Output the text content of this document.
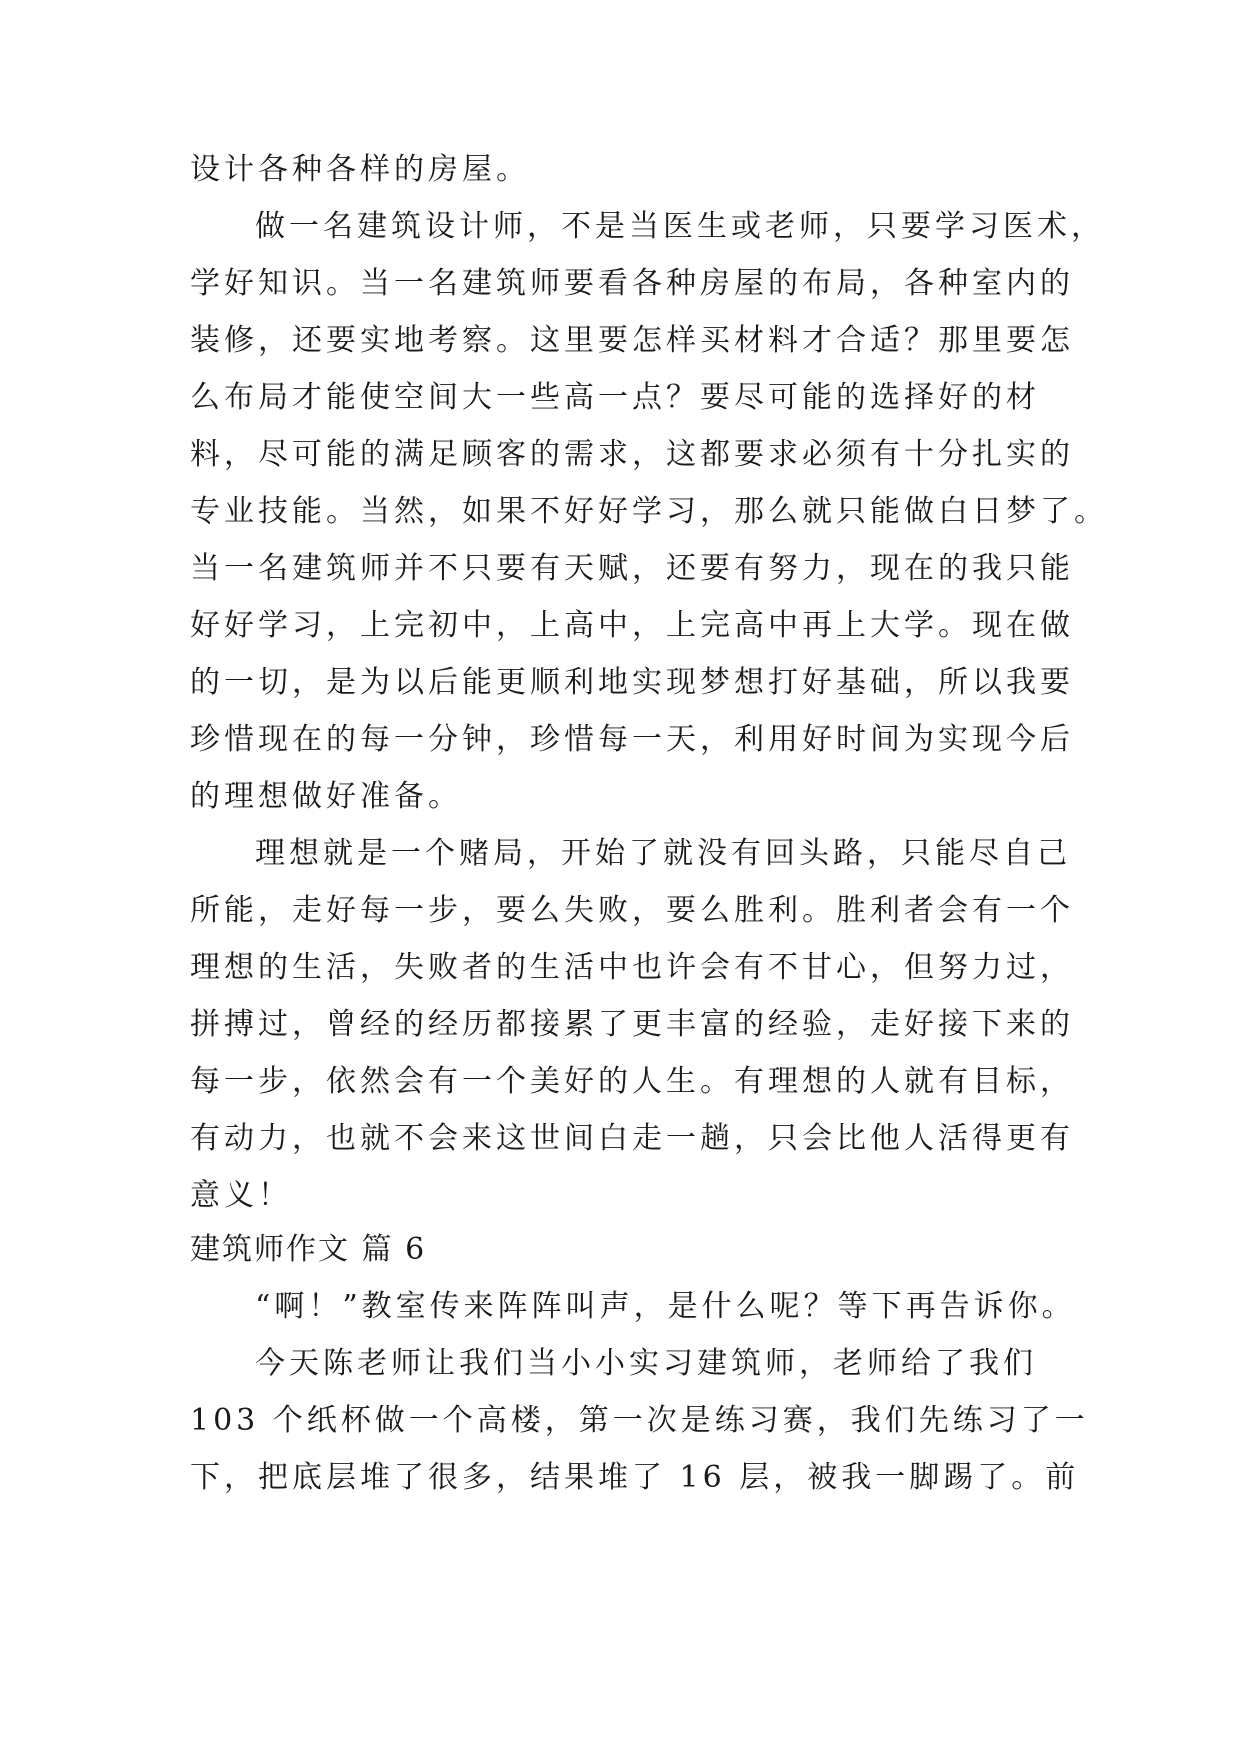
设计各种各样的房屋。
做一名建筑设计师，不是当医生或老师，只要学习医术，
学好知识。当一名建筑师要看各种房屋的布局，各种室内的
装修，还要实地考察。这里要怎样买材料才合适？那里要怎
么布局才能使空间大一些高一点？要尽可能的选择好的材
料，尽可能的满足顾客的需求，这都要求必须有十分扎实的
专业技能。当然，如果不好好学习，那么就只能做白日梦了。
当一名建筑师并不只要有天赋，还要有努力，现在的我只能
好好学习，上完初中，上高中，上完高中再上大学。现在做
的一切，是为以后能更顺利地实现梦想打好基础，所以我要
珍惜现在的每一分钟，珍惜每一天，利用好时间为实现今后
的理想做好准备。
理想就是一个赌局，开始了就没有回头路，只能尽自己
所能，走好每一步，要么失败，要么胜利。胜利者会有一个
理想的生活，失败者的生活中也许会有不甘心，但努力过，
拼搏过，曾经的经历都接累了更丰富的经验，走好接下来的
每一步，依然会有一个美好的人生。有理想的人就有目标，
有动力，也就不会来这世间白走一趟，只会比他人活得更有
意义！
建筑师作文 篇 6
“啊！”教室传来阵阵叫声，是什么呢？等下再告诉你。
今天陈老师让我们当小小实习建筑师，老师给了我们
103 个纸杯做一个高楼，第一次是练习赛，我们先练习了一
下，把底层堆了很多，结果堆了 16 层，被我一脚踢了。前
